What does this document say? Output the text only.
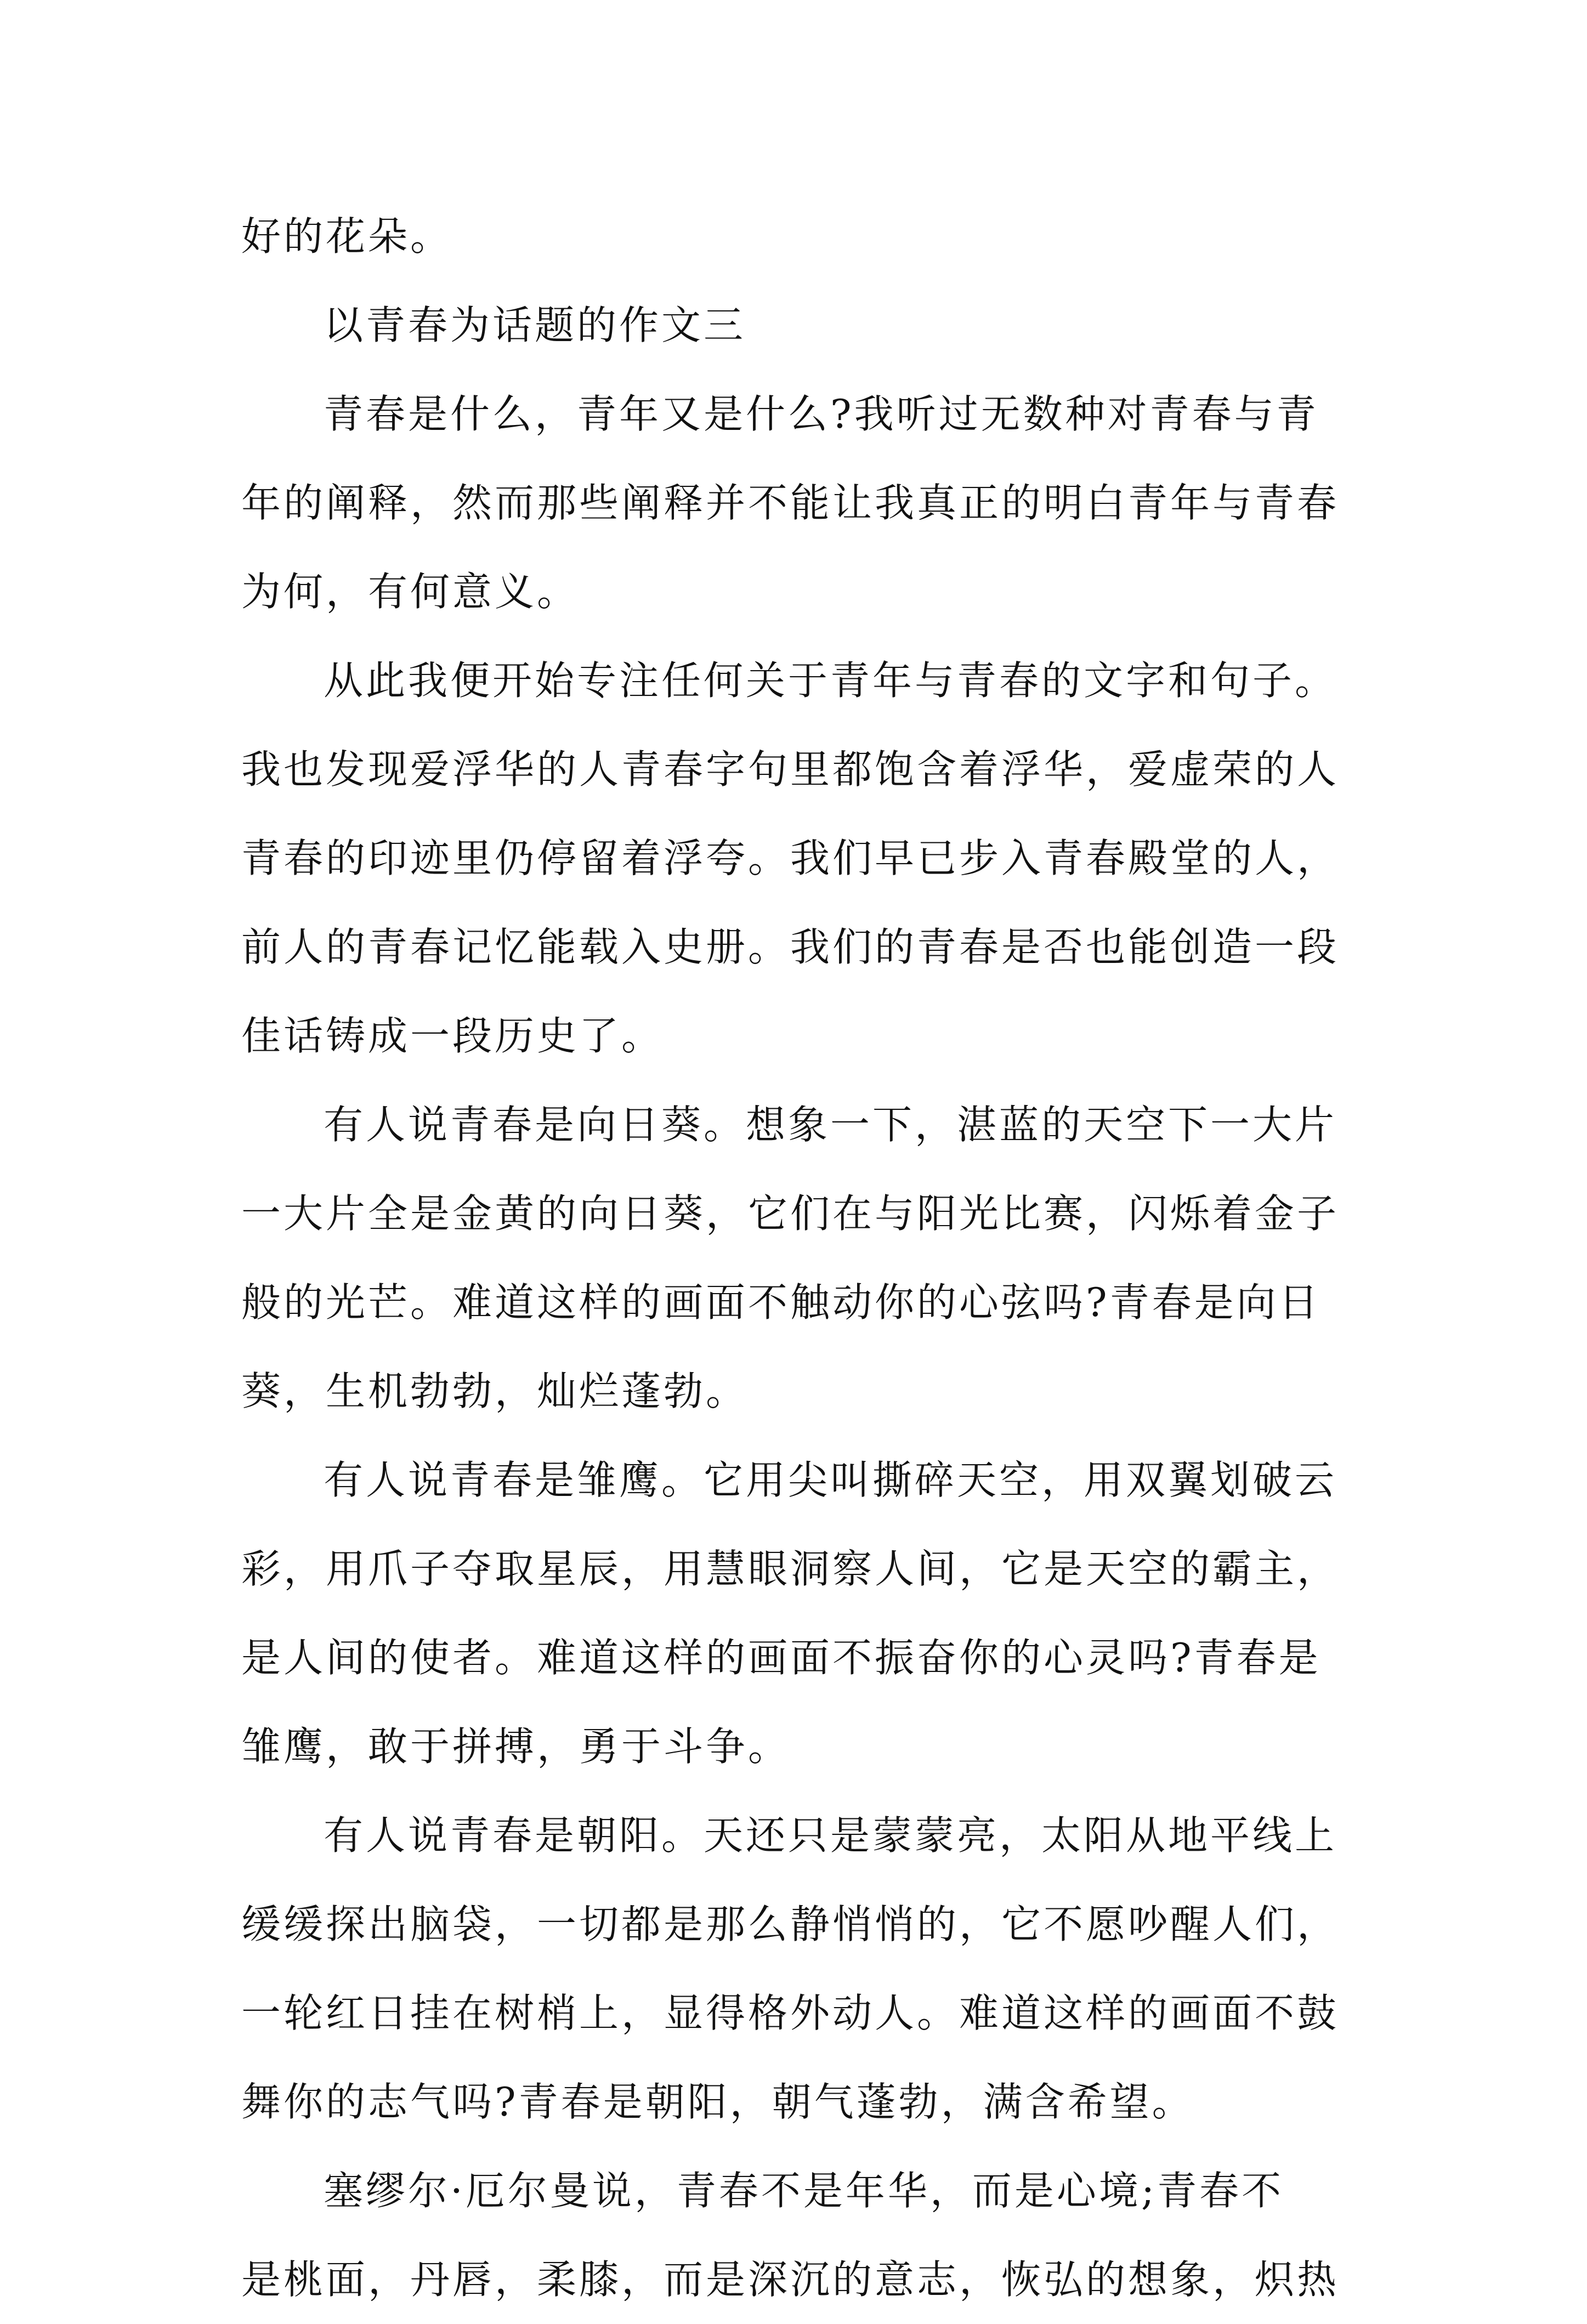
好的花朵。
以青春为话题的作文三
青春是什么，青年又是什么?我听过无数种对青春与青
年的阐释，然而那些阐释并不能让我真正的明白青年与青春
为何，有何意义。
从此我便开始专注任何关于青年与青春的文字和句子。
我也发现爱浮华的人青春字句里都饱含着浮华，爱虚荣的人
青春的印迹里仍停留着浮夸。我们早已步入青春殿堂的人，
前人的青春记忆能载入史册。我们的青春是否也能创造一段
佳话铸成一段历史了。
有人说青春是向日葵。想象一下，湛蓝的天空下一大片
一大片全是金黄的向日葵，它们在与阳光比赛，闪烁着金子
般的光芒。难道这样的画面不触动你的心弦吗?青春是向日
葵，生机勃勃，灿烂蓬勃。
有人说青春是雏鹰。它用尖叫撕碎天空，用双翼划破云
彩，用爪子夺取星辰，用慧眼洞察人间，它是天空的霸主，
是人间的使者。难道这样的画面不振奋你的心灵吗?青春是
雏鹰，敢于拼搏，勇于斗争。
有人说青春是朝阳。天还只是蒙蒙亮，太阳从地平线上
缓缓探出脑袋，一切都是那么静悄悄的，它不愿吵醒人们，
一轮红日挂在树梢上，显得格外动人。难道这样的画面不鼓
舞你的志气吗?青春是朝阳，朝气蓬勃，满含希望。
塞缪尔·厄尔曼说，青春不是年华，而是心境;青春不
是桃面，丹唇，柔膝，而是深沉的意志，恢弘的想象，炽热
